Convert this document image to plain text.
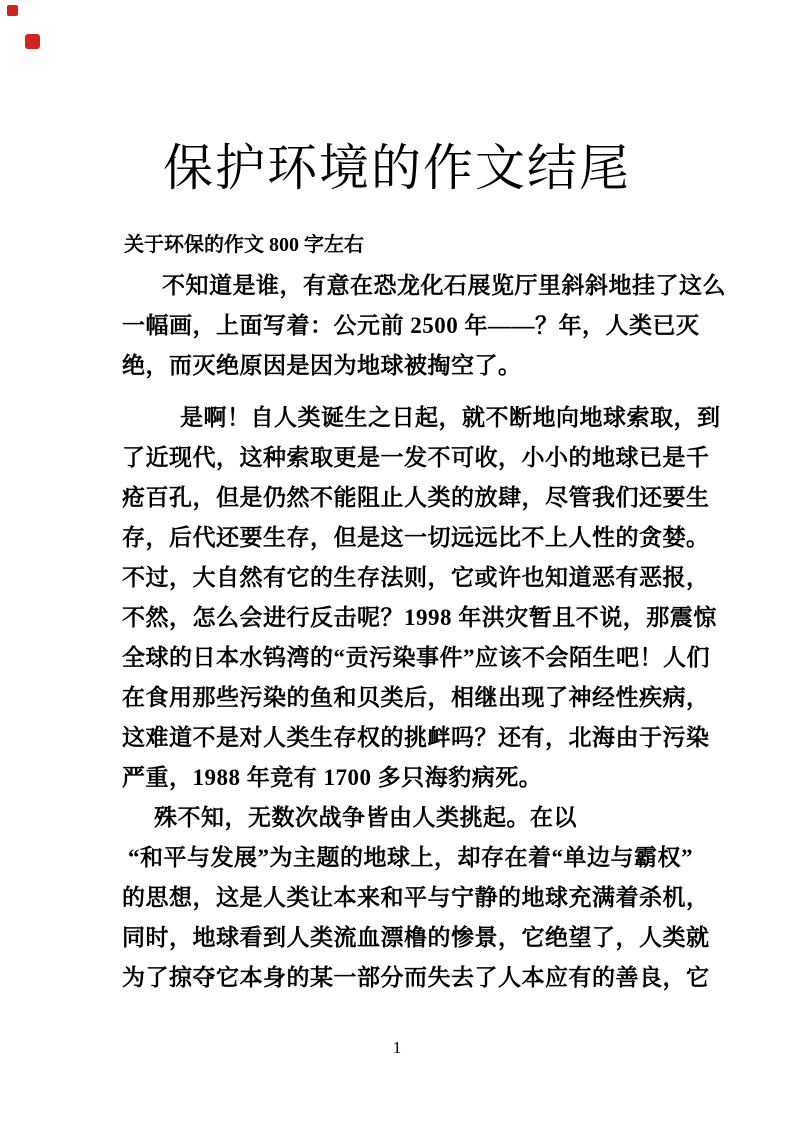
保护环境的作文结尾
关于环保的作文 800 字左右
不知道是谁，有意在恐龙化石展览厅里斜斜地挂了这么
一幅画，上面写着：公元前 2500 年——？年，人类已灭
绝，而灭绝原因是因为地球被掏空了。
是啊！自人类诞生之日起，就不断地向地球索取，到
了近现代，这种索取更是一发不可收，小小的地球已是千
疮百孔，但是仍然不能阻止人类的放肆，尽管我们还要生
存，后代还要生存，但是这一切远远比不上人性的贪婪。
不过，大自然有它的生存法则，它或许也知道恶有恶报，
不然，怎么会进行反击呢？1998 年洪灾暂且不说，那震惊
全球的日本水钨湾的“贡污染事件”应该不会陌生吧！人们
在食用那些污染的鱼和贝类后，相继出现了神经性疾病，
这难道不是对人类生存权的挑衅吗？还有，北海由于污染
严重，1988 年竞有 1700 多只海豹病死。
殊不知，无数次战争皆由人类挑起。在以
“和平与发展”为主题的地球上，却存在着“单边与霸权”
的思想，这是人类让本来和平与宁静的地球充满着杀机，
同时，地球看到人类流血漂橹的惨景，它绝望了，人类就
为了掠夺它本身的某一部分而失去了人本应有的善良，它
1
